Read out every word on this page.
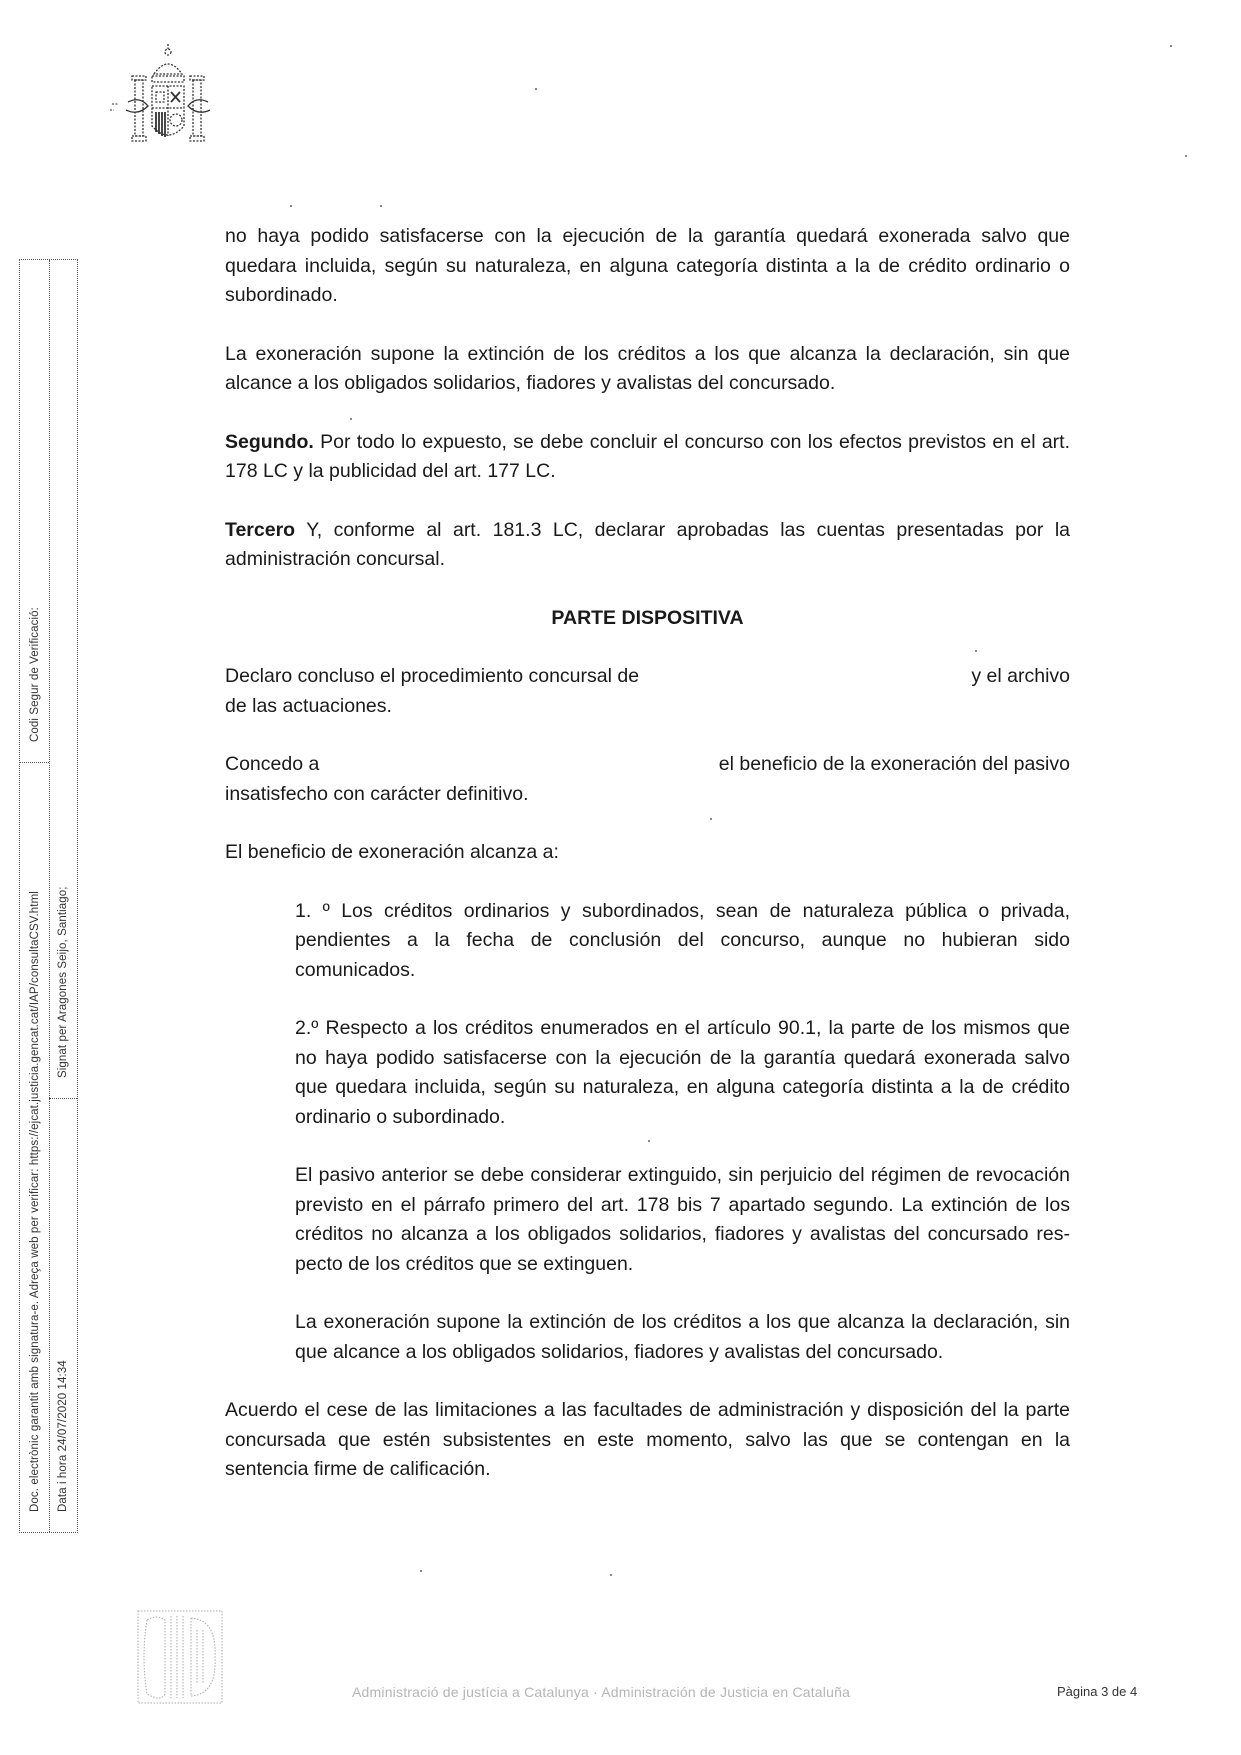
Codi Segur de Verificació:
Doc. electrònic garantit amb signatura-e. Adreça web per verificar: https://ejcat.justicia.gencat.cat/IAP/consultaCSV.html Signat per Aragones Seijo, Santiago;
Data i hora 24/07/2020 14:34

no haya podido satisfacerse con la ejecución de la garantía quedará exonerada salvo que quedara incluida, según su naturaleza, en alguna categoría distinta a la de crédito ordinario o subordinado.

La exoneración supone la extinción de los créditos a los que alcanza la declaración, sin que alcance a los obligados solidarios, fiadores y avalistas del concursado.

Segundo. Por todo lo expuesto, se debe concluir el concurso con los efectos previstos en el art. 178 LC y la publicidad del art. 177 LC.

Tercero Y, conforme al art. 181.3 LC, declarar aprobadas las cuentas presentadas por la administración concursal.

PARTE DISPOSITIVA

Declaro concluso el procedimiento concursal de	y el archivo
de las actuaciones.

Concedo a	el beneficio de la exoneración del pasivo
insatisfecho con carácter definitivo.

El beneficio de exoneración alcanza a:

1. º Los créditos ordinarios y subordinados, sean de naturaleza pública o privada, pendientes a la fecha de conclusión del concurso, aunque no hubieran sido comunicados.

2.º Respecto a los créditos enumerados en el artículo 90.1, la parte de los mismos que no haya podido satisfacerse con la ejecución de la garantía quedará exonerada salvo que quedara incluida, según su naturaleza, en alguna categoría distinta a la de crédito ordinario o subordinado.

El pasivo anterior se debe considerar extinguido, sin perjuicio del régimen de revocación previsto en el párrafo primero del art. 178 bis 7 apartado segundo. La extinción de los créditos no alcanza a los obligados solidarios, fiadores y avalistas del concursado res-pecto de los créditos que se extinguen.

La exoneración supone la extinción de los créditos a los que alcanza la declaración, sin que alcance a los obligados solidarios, fiadores y avalistas del concursado.

Acuerdo el cese de las limitaciones a las facultades de administración y disposición del la parte concursada que estén subsistentes en este momento, salvo las que se contengan en la sentencia firme de calificación.

Administració de justícia a Catalunya · Administración de Justicia en Cataluña	Pàgina 3 de 4
